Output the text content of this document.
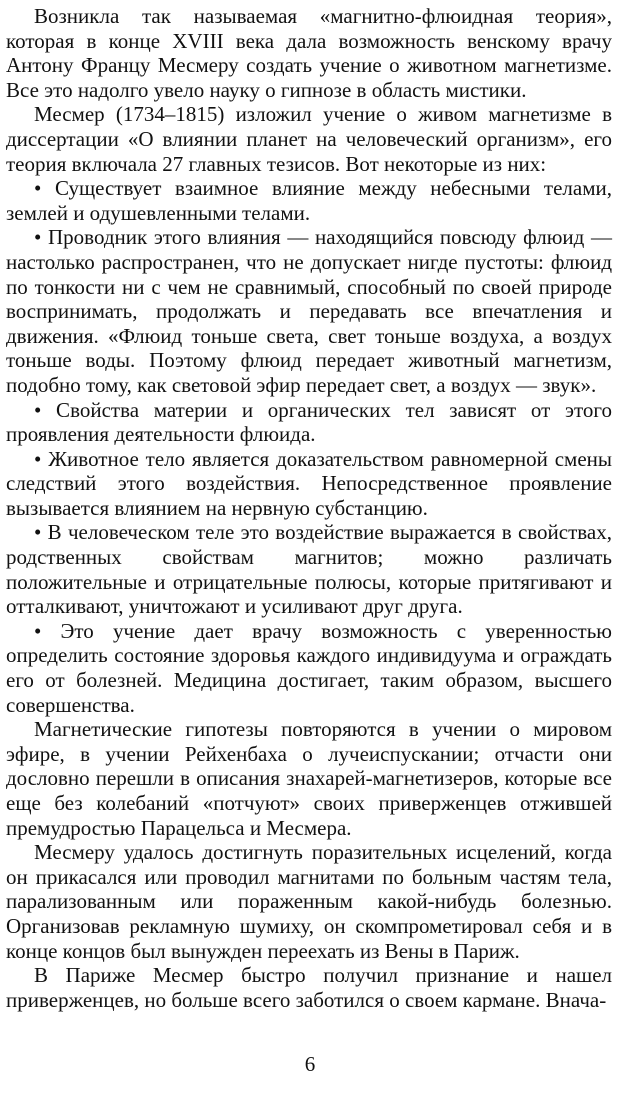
Возникла так называемая «магнитно-флюидная теория», которая в конце XVIII века дала возможность венскому врачу Антону Францу Месмеру создать учение о животном магнетизме. Все это надолго увело науку о гипнозе в область мистики.

Месмер (1734–1815) изложил учение о живом магнетизме в диссертации «О влиянии планет на человеческий организм», его теория включала 27 главных тезисов. Вот некоторые из них:

• Существует взаимное влияние между небесными телами, землей и одушевленными телами.

• Проводник этого влияния — находящийся повсюду флюид — настолько распространен, что не допускает нигде пустоты: флюид по тонкости ни с чем не сравнимый, способный по своей природе воспринимать, продолжать и передавать все впечатления и движения. «Флюид тоньше света, свет тоньше воздуха, а воздух тоньше воды. Поэтому флюид передает животный магнетизм, подобно тому, как световой эфир передает свет, а воздух — звук».

• Свойства материи и органических тел зависят от этого проявления деятельности флюида.

• Животное тело является доказательством равномерной смены следствий этого воздействия. Непосредственное проявление вызывается влиянием на нервную субстанцию.

• В человеческом теле это воздействие выражается в свойствах, родственных свойствам магнитов; можно различать положительные и отрицательные полюсы, которые притягивают и отталкивают, уничтожают и усиливают друг друга.

• Это учение дает врачу возможность с уверенностью определить состояние здоровья каждого индивидуума и ограждать его от болезней. Медицина достигает, таким образом, высшего совершенства.

Магнетические гипотезы повторяются в учении о мировом эфире, в учении Рейхенбаха о лучеиспускании; отчасти они дословно перешли в описания знахарей-магнетизеров, которые все еще без колебаний «потчуют» своих приверженцев отжившей премудростью Парацельса и Месмера.

Месмеру удалось достигнуть поразительных исцелений, когда он прикасался или проводил магнитами по больным частям тела, парализованным или пораженным какой-нибудь болезнью. Организовав рекламную шумиху, он скомпрометировал себя и в конце концов был вынужден переехать из Вены в Париж.

В Париже Месмер быстро получил признание и нашел приверженцев, но больше всего заботился о своем кармане. Внача-

6
